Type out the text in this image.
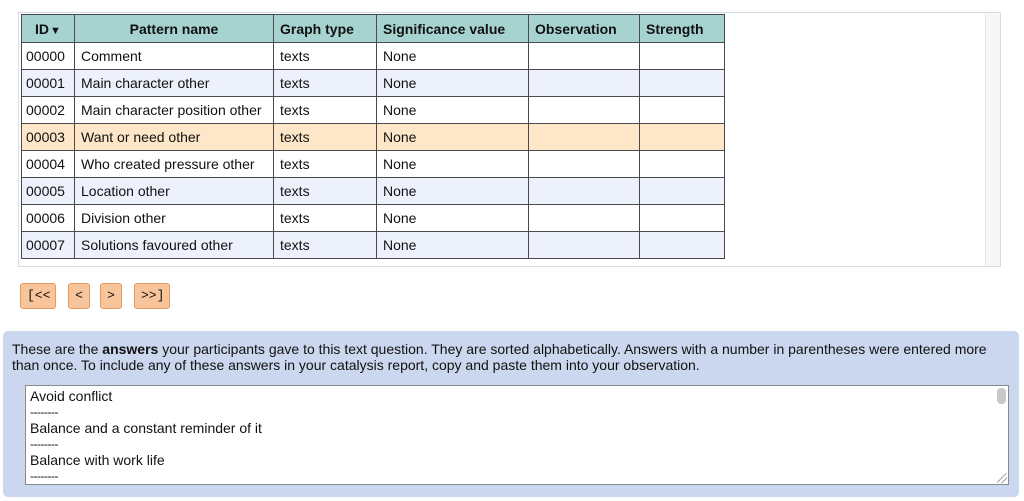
ID▼	Pattern name	Graph type	Significance value	Observation	Strength
00000	Comment	texts	None		
00001	Main character other	texts	None		
00002	Main character position other	texts	None		
00003	Want or need other	texts	None		
00004	Who created pressure other	texts	None		
00005	Location other	texts	None		
00006	Division other	texts	None		
00007	Solutions favoured other	texts	None		
[<<	<	>	>>]

These are the answers your participants gave to this text question. They are sorted alphabetically. Answers with a number in parentheses were entered more than once. To include any of these answers in your catalysis report, copy and paste them into your observation.

Avoid conflict
--------
Balance and a constant reminder of it
--------
Balance with work life
--------
